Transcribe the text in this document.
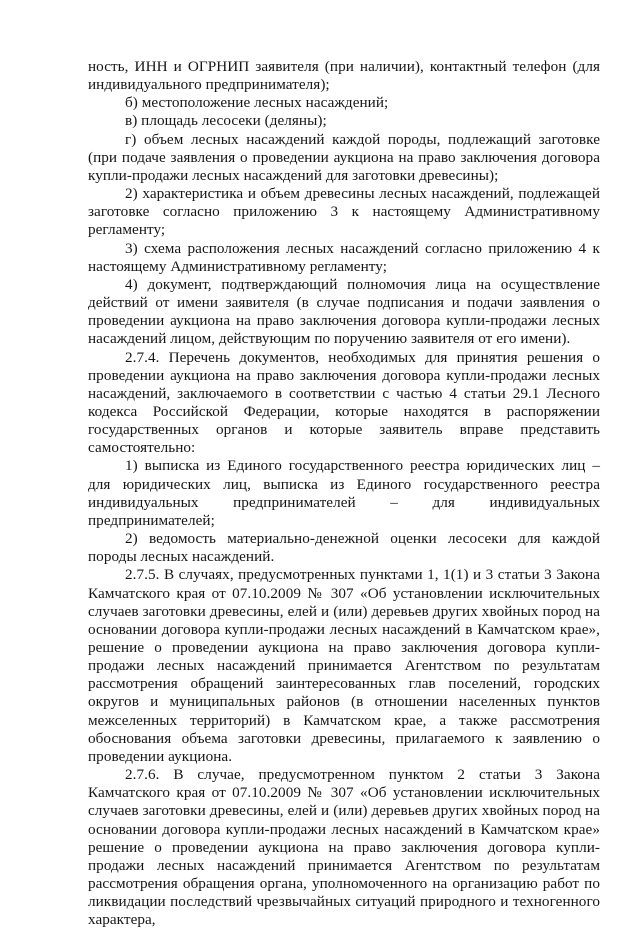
ность, ИНН и ОГРНИП заявителя (при наличии), контактный телефон (для индивидуального предпринимателя);

б) местоположение лесных насаждений;

в) площадь лесосеки (деляны);

г) объем лесных насаждений каждой породы, подлежащий заготовке (при подаче заявления о проведении аукциона на право заключения договора купли-продажи лесных насаждений для заготовки древесины);

2) характеристика и объем древесины лесных насаждений, подлежащей заготовке согласно приложению 3 к настоящему Административному регламенту;

3) схема расположения лесных насаждений согласно приложению 4 к настоящему Административному регламенту;

4) документ, подтверждающий полномочия лица на осуществление действий от имени заявителя (в случае подписания и подачи заявления о проведении аукциона на право заключения договора купли-продажи лесных насаждений лицом, действующим по поручению заявителя от его имени).

2.7.4. Перечень документов, необходимых для принятия решения о проведении аукциона на право заключения договора купли-продажи лесных насаждений, заключаемого в соответствии с частью 4 статьи 29.1 Лесного кодекса Российской Федерации, которые находятся в распоряжении государственных органов и которые заявитель вправе представить самостоятельно:

1) выписка из Единого государственного реестра юридических лиц – для юридических лиц, выписка из Единого государственного реестра индивидуальных предпринимателей – для индивидуальных предпринимателей;

2) ведомость материально-денежной оценки лесосеки для каждой породы лесных насаждений.

2.7.5. В случаях, предусмотренных пунктами 1, 1(1) и 3 статьи 3 Закона Камчатского края от 07.10.2009 № 307 «Об установлении исключительных случаев заготовки древесины, елей и (или) деревьев других хвойных пород на основании договора купли-продажи лесных насаждений в Камчатском крае», решение о проведении аукциона на право заключения договора купли-продажи лесных насаждений принимается Агентством по результатам рассмотрения обращений заинтересованных глав поселений, городских округов и муниципальных районов (в отношении населенных пунктов межселенных территорий) в Камчатском крае, а также рассмотрения обоснования объема заготовки древесины, прилагаемого к заявлению о проведении аукциона.

2.7.6. В случае, предусмотренном пунктом 2 статьи 3 Закона Камчатского края от 07.10.2009 № 307 «Об установлении исключительных случаев заготовки древесины, елей и (или) деревьев других хвойных пород на основании договора купли-продажи лесных насаждений в Камчатском крае» решение о проведении аукциона на право заключения договора купли-продажи лесных насаждений принимается Агентством по результатам рассмотрения обращения органа, уполномоченного на организацию работ по ликвидации последствий чрезвычайных ситуаций природного и техногенного характера,
